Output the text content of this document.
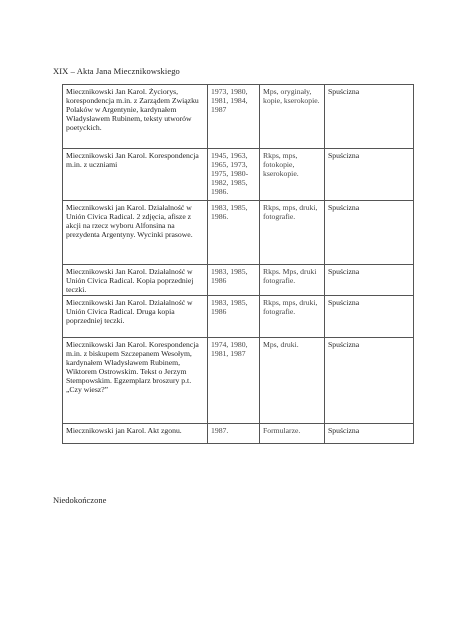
XIX – Akta Jana Miecznikowskiego
Miecznikowski Jan Karol. Życiorys, korespondencja m.in. z Zarządem Związku Polaków w Argentynie, kardynałem Władysławem Rubinem, teksty utworów poetyckich.	1973, 1980, 1981, 1984, 1987	Mps, oryginały, kopie, kserokopie.	Spuścizna
Miecznikowski Jan Karol. Korespondencja m.in. z uczniami	1945, 1963, 1965, 1973, 1975, 1980-1982, 1985, 1986.	Rkps, mps, fotokopie, kserokopie.	Spuścizna
Miecznikowski jan Karol. Działalność w Unión Cívica Radical. 2 zdjęcia, afisze z akcji na rzecz wyboru Alfonsina na prezydenta Argentyny. Wycinki prasowe.	1983, 1985, 1986.	Rkps, mps, druki, fotografie.	Spuścizna
Miecznikowski Jan Karol. Działalność w Unión Cívica Radical. Kopia poprzedniej teczki.	1983, 1985, 1986	Rkps. Mps, druki fotografie.	Spuścizna
Miecznikowski Jan Karol. Działalność w Unión Cívica Radical. Druga kopia poprzedniej teczki.	1983, 1985, 1986	Rkps, mps, druki, fotografie.	Spuścizna
Miecznikowski Jan Karol. Korespondencja m.in. z biskupem Szczepanem Wesołym, kardynałem Władysławem Rubinem, Wiktorem Ostrowskim. Tekst o Jerzym Stempowskim. Egzemplarz broszury p.t. „Czy wiesz?”	1974, 1980, 1981, 1987	Mps, druki.	Spuścizna
Miecznikowski jan Karol. Akt zgonu.	1987.	Formularze.	Spuścizna
Niedokończone
